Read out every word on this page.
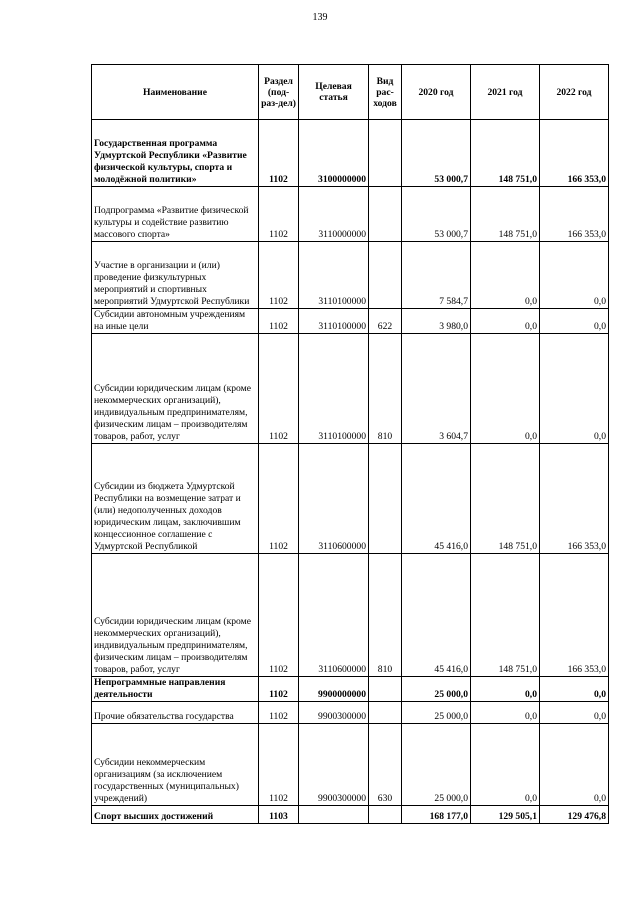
139
Наименование	Раздел (под-раз-дел)	Целевая статья	Вид рас-ходов	2020 год	2021 год	2022 год
Государственная программа Удмуртской Республики «Развитие физической культуры, спорта и молодёжной политики»	1102	3100000000		53 000,7	148 751,0	166 353,0
Подпрограмма «Развитие физической культуры и содействие развитию массового спорта»	1102	3110000000		53 000,7	148 751,0	166 353,0
Участие в организации и (или) проведение физкультурных мероприятий и спортивных мероприятий Удмуртской Республики	1102	3110100000		7 584,7	0,0	0,0
Субсидии автономным учреждениям на иные цели	1102	3110100000	622	3 980,0	0,0	0,0
Субсидии юридическим лицам (кроме некоммерческих организаций), индивидуальным предпринимателям, физическим лицам – производителям товаров, работ, услуг	1102	3110100000	810	3 604,7	0,0	0,0
Субсидии из бюджета Удмуртской Республики на возмещение затрат и (или) недополученных доходов юридическим лицам, заключившим концессионное соглашение с Удмуртской Республикой	1102	3110600000		45 416,0	148 751,0	166 353,0
Субсидии юридическим лицам (кроме некоммерческих организаций), индивидуальным предпринимателям, физическим лицам – производителям товаров, работ, услуг	1102	3110600000	810	45 416,0	148 751,0	166 353,0
Непрограммные направления деятельности	1102	9900000000		25 000,0	0,0	0,0
Прочие обязательства государства	1102	9900300000		25 000,0	0,0	0,0
Субсидии некоммерческим организациям (за исключением государственных (муниципальных) учреждений)	1102	9900300000	630	25 000,0	0,0	0,0
Спорт высших достижений	1103			168 177,0	129 505,1	129 476,8
